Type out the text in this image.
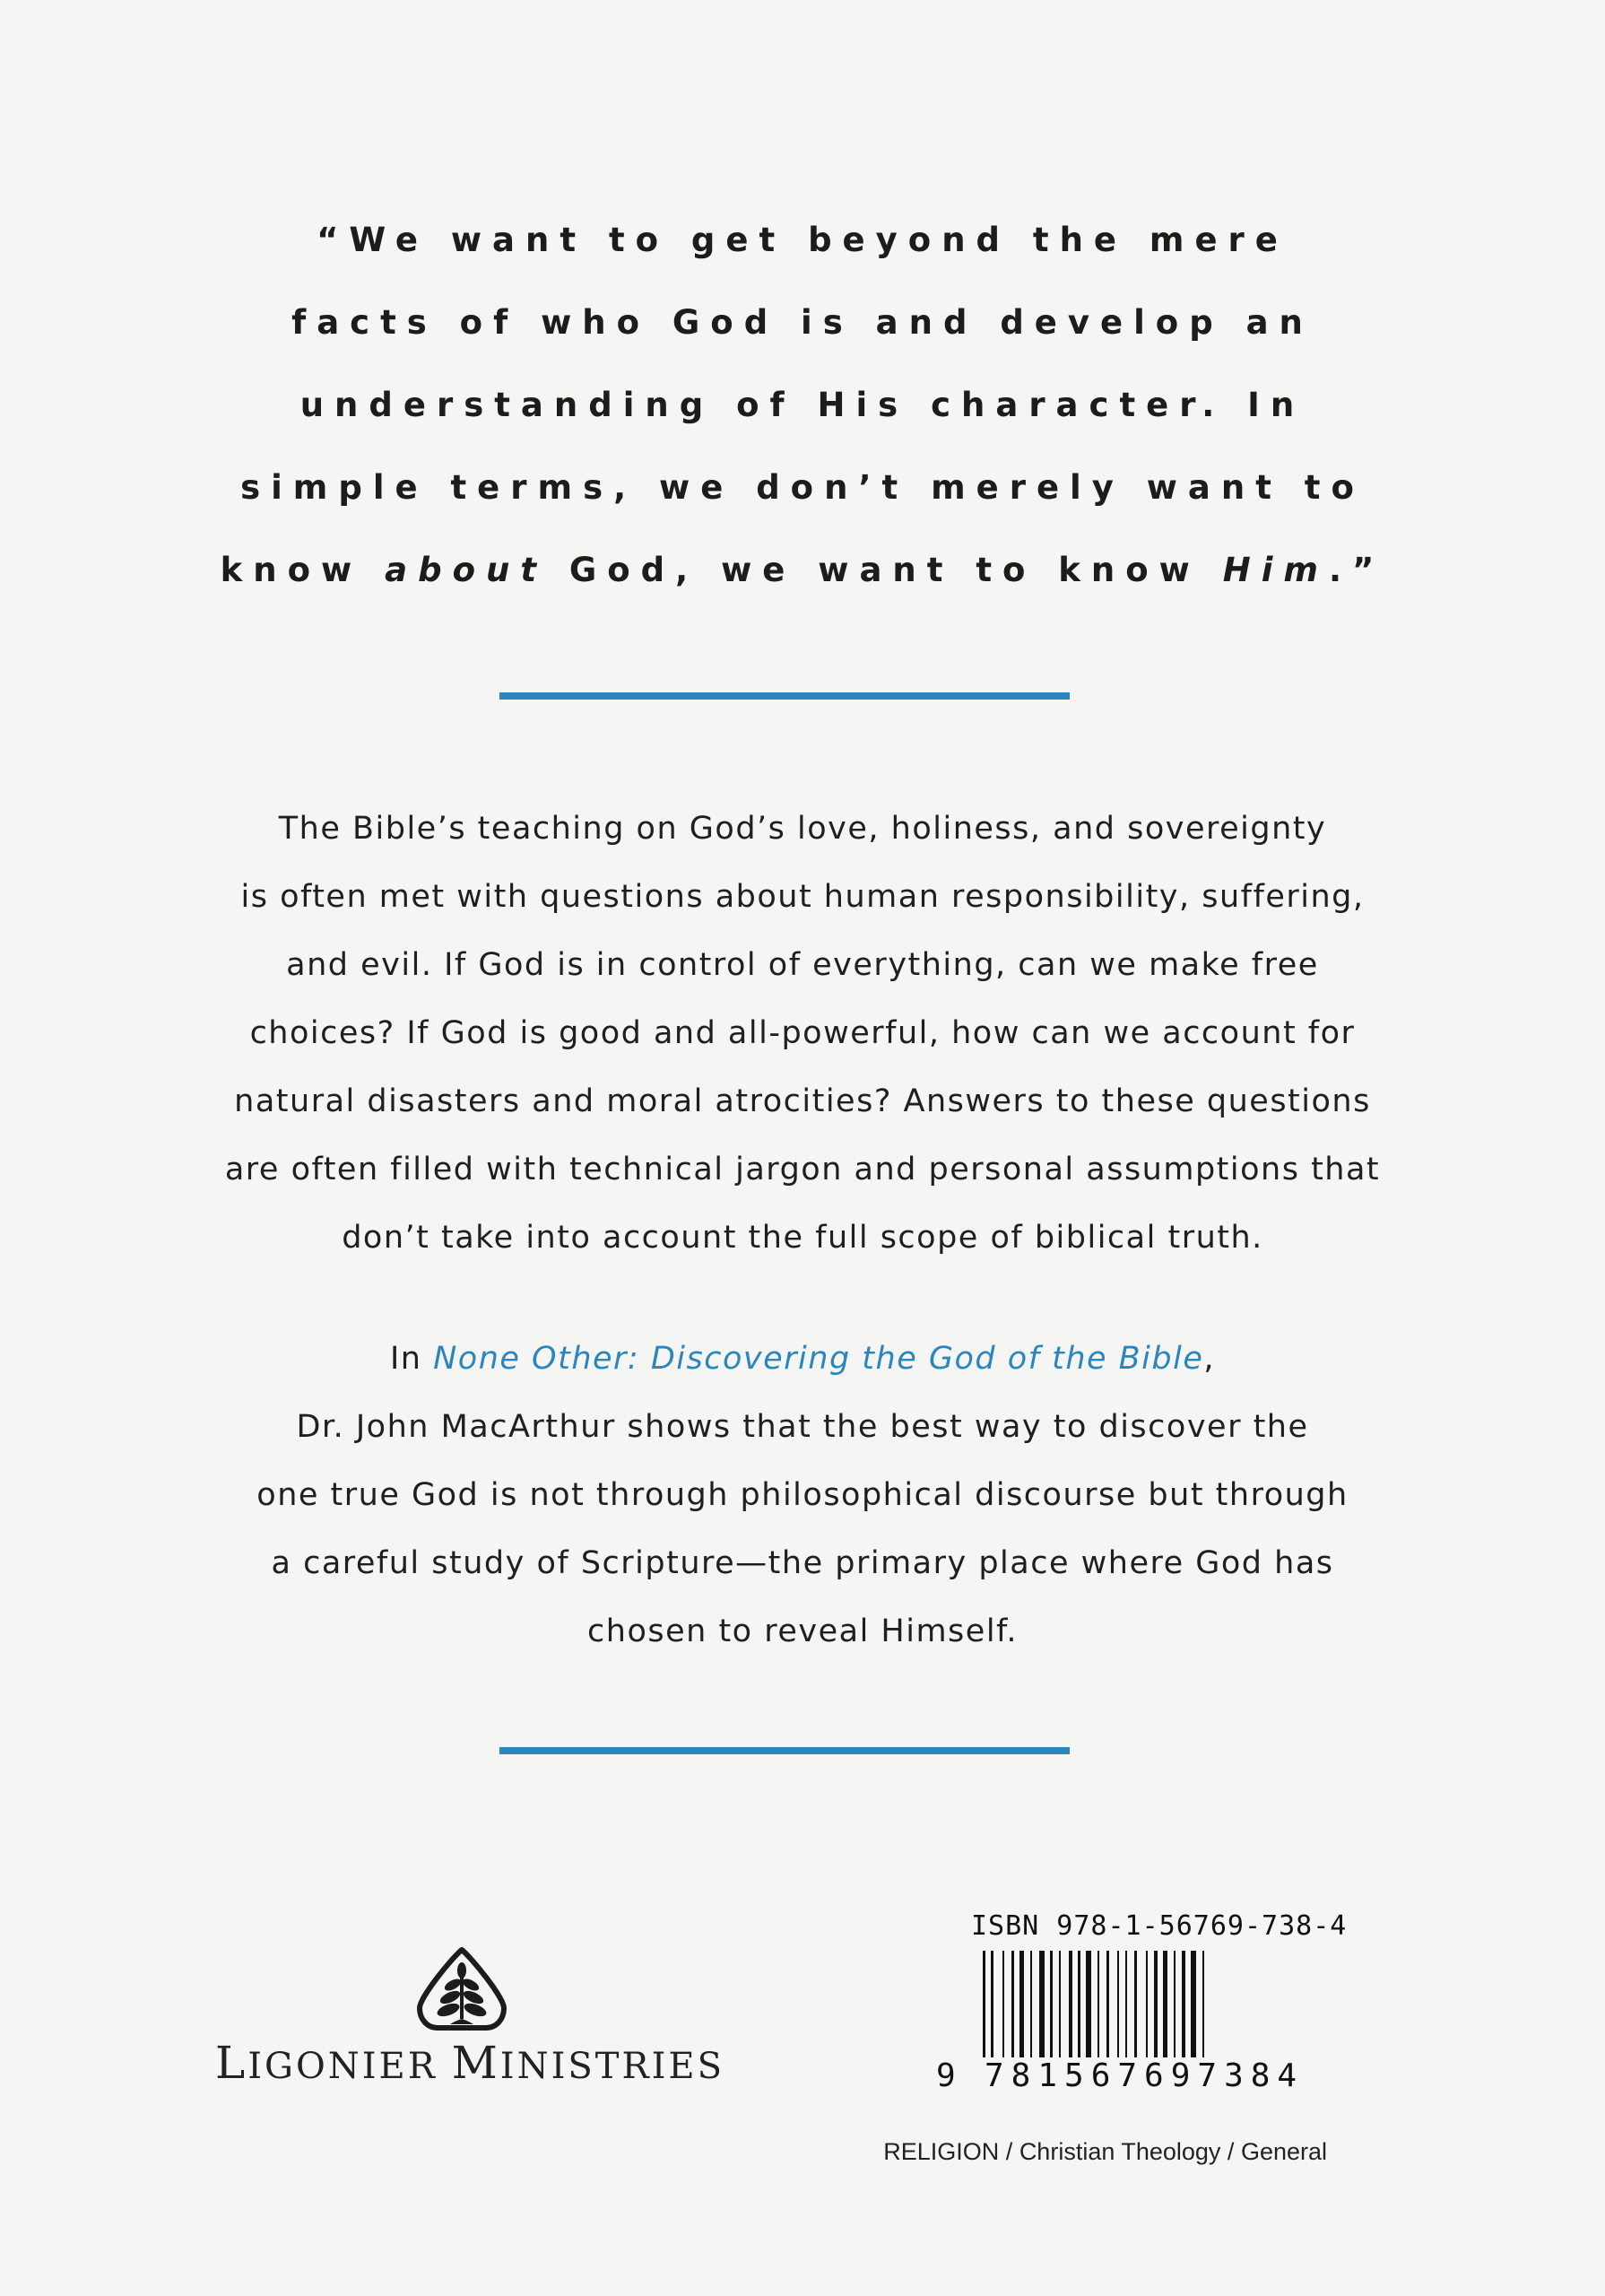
“We want to get beyond the mere
facts of who God is and develop an
understanding of His character. In
simple terms, we don’t merely want to
know about God, we want to know Him.”
The Bible’s teaching on God’s love, holiness, and sovereignty
is often met with questions about human responsibility, suffering,
and evil. If God is in control of everything, can we make free
choices? If God is good and all-powerful, how can we account for
natural disasters and moral atrocities? Answers to these questions
are often filled with technical jargon and personal assumptions that
don’t take into account the full scope of biblical truth.
In None Other: Discovering the God of the Bible,
Dr. John MacArthur shows that the best way to discover the
one true God is not through philosophical discourse but through
a careful study of Scripture—the primary place where God has
chosen to reveal Himself.
LIGONIER MINISTRIES
ISBN 978-1-56769-738-4
9 781567697384
RELIGION / Christian Theology / General
